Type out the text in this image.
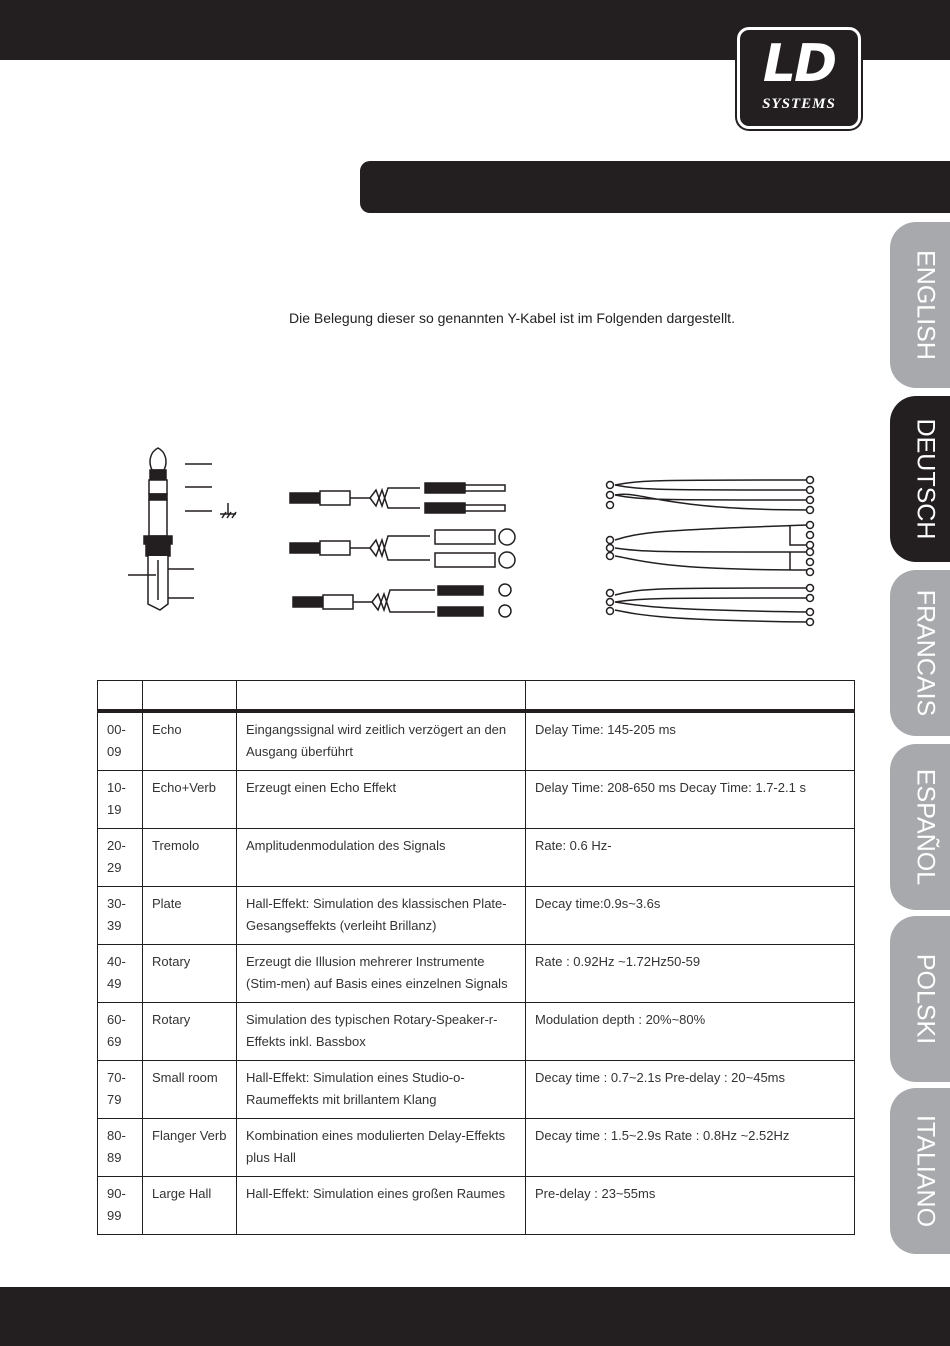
LD
SYSTEMS
Die Belegung dieser so genannten Y-Kabel ist im Folgenden dargestellt.	ENGLISH
DEUTSCH
FRANCAIS
ESPAÑOL
POLSKI
ITALIANO

00-09	Echo	Eingangssignal wird zeitlich verzögert an den Ausgang überführt	Delay Time: 145-205 ms
10-19	Echo+Verb	Erzeugt einen Echo Effekt	Delay Time: 208-650 ms Decay Time: 1.7-2.1 s
20-29	Tremolo	Amplitudenmodulation des Signals	Rate: 0.6 Hz-
30-39	Plate	Hall-Effekt: Simulation des klassischen Plate-Gesangseffekts (verleiht Brillanz)	Decay time:0.9s~3.6s
40-49	Rotary	Erzeugt die Illusion mehrerer Instrumente (Stim-men) auf Basis eines einzelnen Signals	Rate : 0.92Hz ~1.72Hz50-59
60-69	Rotary	Simulation des typischen Rotary-Speaker-r-Effekts inkl. Bassbox	Modulation depth : 20%~80%
70-79	Small room	Hall-Effekt: Simulation eines Studio-o-Raumeffekts mit brillantem Klang	Decay time : 0.7~2.1s Pre-delay : 20~45ms
80-89	Flanger Verb	Kombination eines modulierten Delay-Effekts plus Hall	Decay time : 1.5~2.9s Rate : 0.8Hz ~2.52Hz
90-99	Large Hall	Hall-Effekt: Simulation eines großen Raumes	Pre-delay : 23~55ms
